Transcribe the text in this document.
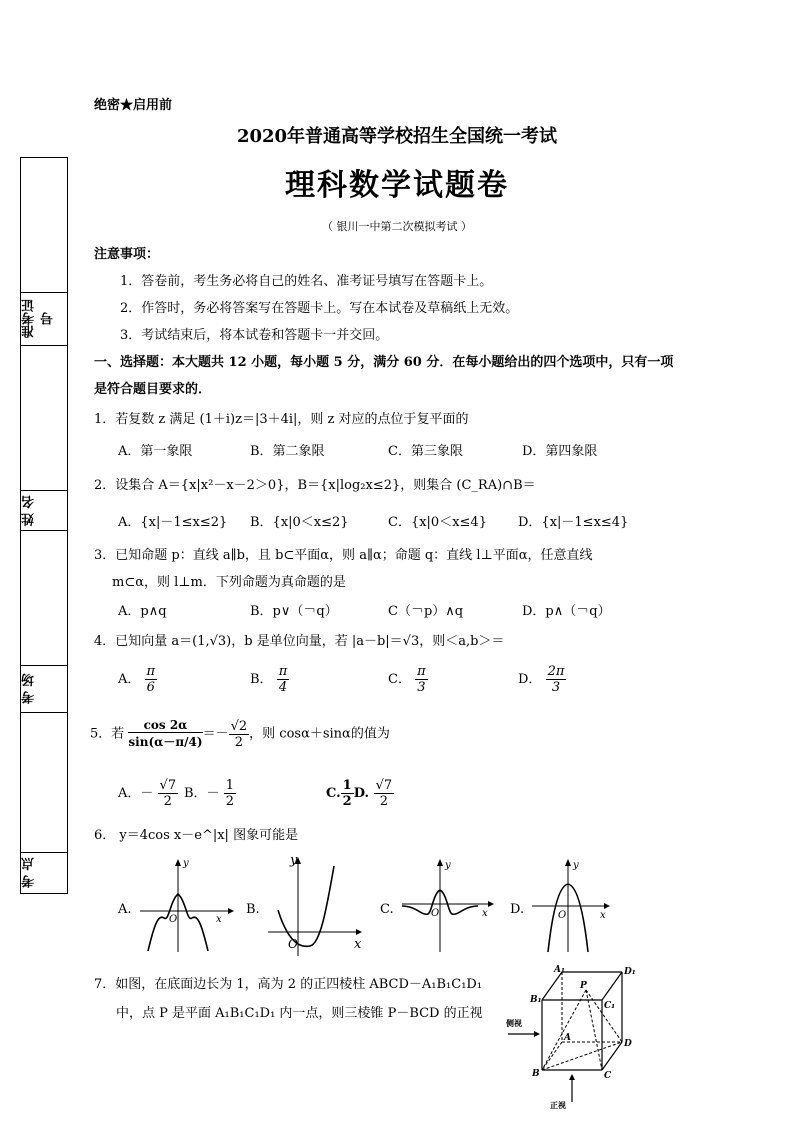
绝密★启用前
2020年普通高等学校招生全国统一考试
理科数学试题卷
（ 银川一中第二次模拟考试 ）
准考证号
姓 名
考 场
考 点
注意事项：
1．答卷前，考生务必将自己的姓名、准考证号填写在答题卡上。
2．作答时，务必将答案写在答题卡上。写在本试卷及草稿纸上无效。
3．考试结束后，将本试卷和答题卡一并交回。
一、选择题：本大题共 12 小题，每小题 5 分，满分 60 分．在每小题给出的四个选项中，只有一项
是符合题目要求的．
1．若复数 z 满足 (1＋i)z＝|3＋4i|，则 z 对应的点位于复平面的
A．第一象限	B．第二象限	C．第三象限	D．第四象限
2．设集合 A＝{x|x²－x－2＞0}，B＝{x|log₂x≤2}，则集合 (C_RA)∩B＝
A．{x|－1≤x≤2} B．{x|0＜x≤2}	C．{x|0＜x≤4} D．{x|－1≤x≤4}
3．已知命题 p：直线 a∥b，且 b⊂平面α，则 a∥α；命题 q：直线 l⊥平面α，任意直线
m⊂α，则 l⊥m．下列命题为真命题的是
A．p∧q	B．p∨（￢q）	C（￢p）∧q	D．p∧（￢q）
4．已知向量 a＝(1,√3)，b 是单位向量，若 |a－b|＝√3，则＜a,b＞＝
A． $\frac{\pi}{6}$	B． $\frac{\pi}{4}$	C． $\frac{\pi}{3}$	D． $\frac{2\pi}{3}$
5．若 $\frac{\cos 2\alpha}{\sin(\alpha-\pi/4)} =- \frac{√2}{2}$ ，则 cosα＋sinα的值为
A．－ $\frac{√7}{2}$ B．－ $\frac{1}{2}$	C. $\frac{1}{2} D$. $\frac{√7}{2}$
6． y＝4cos x－e^|x| 图象可能是
A.	B.	C.	D.
y
x
O
y
x
O
y
x
O
y
x
O
7．如图，在底面边长为 1，高为 2 的正四棱柱 ABCD－A₁B₁C₁D₁
中，点 P 是平面 A₁B₁C₁D₁ 内一点，则三棱锥 P－BCD 的正视
侧视
正视
A₁	D₁
B₁
C₁
P
A
D
B	C
